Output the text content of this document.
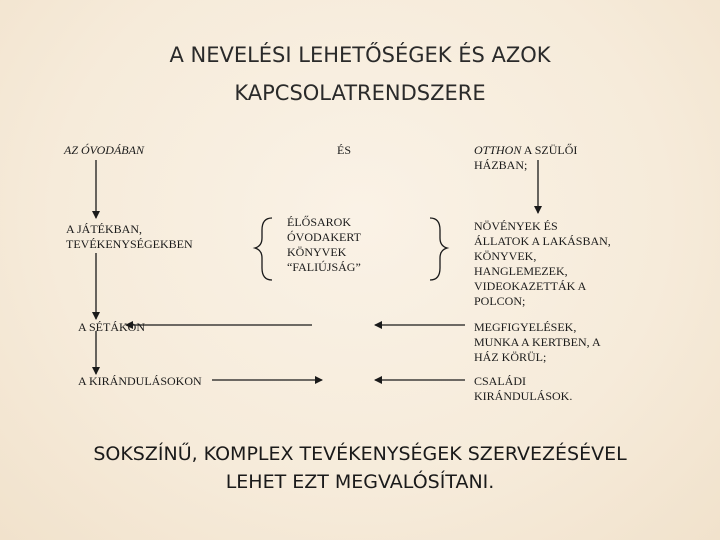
A NEVELÉSI LEHETŐSÉGEK ÉS AZOK
KAPCSOLATRENDSZERE
AZ ÓVODÁBAN	ÉS	OTTHON A SZÜLŐI
HÁZBAN;
A JÁTÉKBAN,
TEVÉKENYSÉGEKBEN
A SÉTÁKON
A KIRÁNDULÁSOKON
ÉLŐSAROK
ÓVODAKERT
KÖNYVEK
“FALIÚJSÁG”
NÖVÉNYEK ÉS
ÁLLATOK A LAKÁSBAN,
KÖNYVEK,
HANGLEMEZEK,
VIDEOKAZETTÁK A
POLCON;
MEGFIGYELÉSEK,
MUNKA A KERTBEN, A
HÁZ KÖRÜL;
CSALÁDI
KIRÁNDULÁSOK.
SOKSZÍNŰ, KOMPLEX TEVÉKENYSÉGEK SZERVEZÉSÉVEL
LEHET EZT MEGVALÓSÍTANI.
